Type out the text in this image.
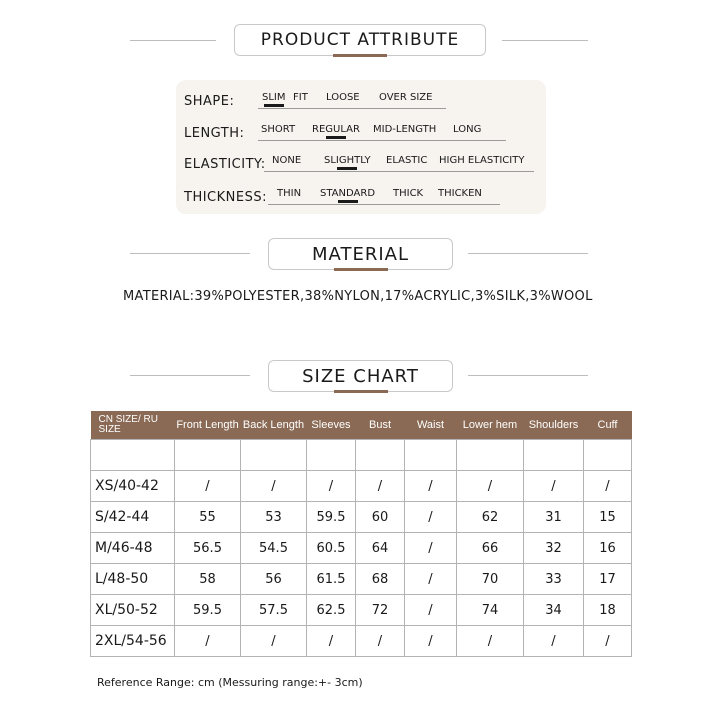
PRODUCT ATTRIBUTE
SHAPE:	SLIM FIT LOOSE OVER SIZE
LENGTH: SHORT REGULAR MID-LENGTH LONG
ELASTICITY: NONE SLIGHTLY ELASTIC HIGH ELASTICITY
THICKNESS: THIN STANDARD THICK THICKEN
MATERIAL
MATERIAL:39%POLYESTER,38%NYLON,17%ACRYLIC,3%SILK,3%WOOL
SIZE CHART
CN SIZE/ RU SIZE	Front Length	Back Length	Sleeves	Bust	Waist	Lower hem	Shoulders	Cuff

XS/40-42	/	/	/	/	/	/	/	/
S/42-44	55	53	59.5	60	/	62	31	15
M/46-48	56.5	54.5	60.5	64	/	66	32	16
L/48-50	58	56	61.5	68	/	70	33	17
XL/50-52	59.5	57.5	62.5	72	/	74	34	18
2XL/54-56	/	/	/	/	/	/	/	/
Reference Range: cm (Messuring range:+- 3cm)
